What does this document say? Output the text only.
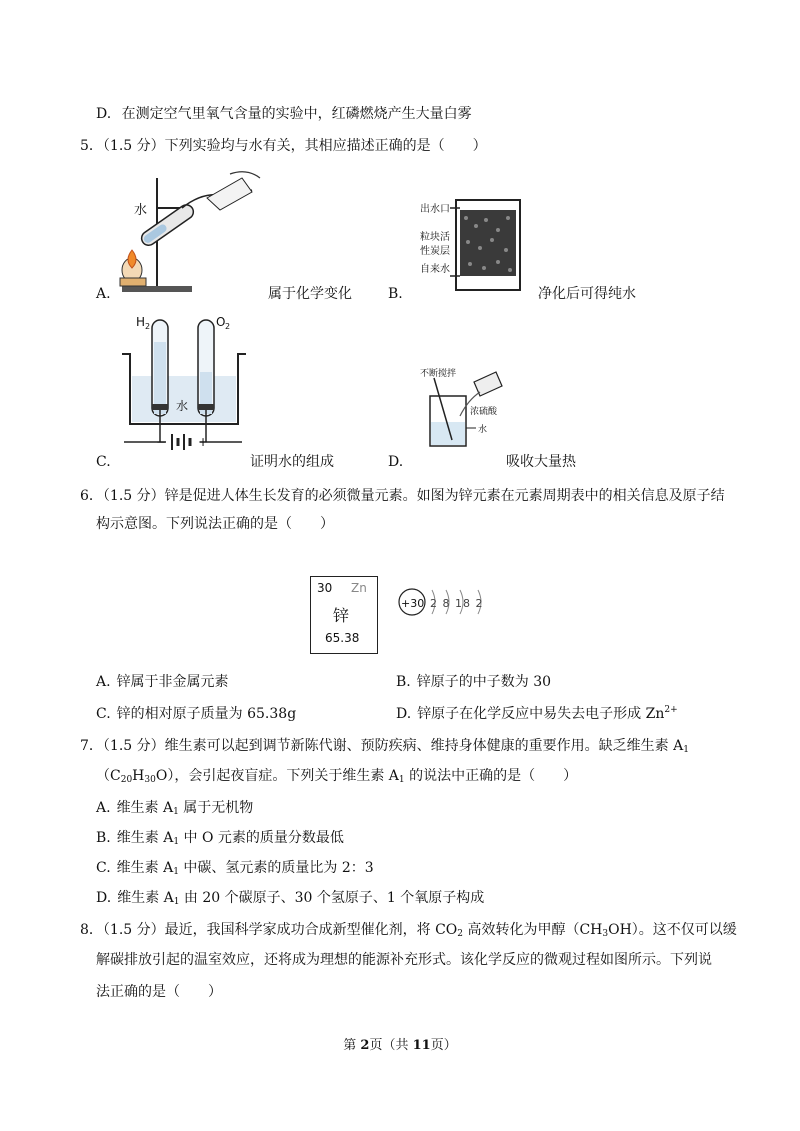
D. 在测定空气里氧气含量的实验中，红磷燃烧产生大量白雾
5．（1.5 分）下列实验均与水有关，其相应描述正确的是（　　）
水
A.	属于化学变化
出水口
粒块活
性炭层
自来水
B.	净化后可得纯水
H 2	O 2
水
−	+
C.	证明水的组成
不断搅拌
浓硫酸
水
D.	吸收大量热
6．（1.5 分）锌是促进人体生长发育的必须微量元素。如图为锌元素在元素周期表中的相关信息及原子结
构示意图。下列说法正确的是（　　）
30 Zn
锌
65.38
+30 2 8 18 2
A. 锌属于非金属元素	B. 锌原子的中子数为 30
C. 锌的相对原子质量为 65.38g	D. 锌原子在化学反应中易失去电子形成 $Zn^{2+}$
7．（1.5 分）维生素可以起到调节新陈代谢、预防疾病、维持身体健康的重要作用。缺乏维生素 $A_1$
$(C_{20}H_{30}O)$，会引起夜盲症。下列关于维生素 $A_1$ 的说法中正确的是（　　）
A. 维生素 $A_1$ 属于无机物
B. 维生素 $A_1$ 中 O 元素的质量分数最低
C. 维生素 $A_1$ 中碳、氢元素的质量比为 2：3
D. 维生素 $A_1$ 由 20 个碳原子、30 个氢原子、1 个氧原子构成
8．（1.5 分）最近，我国科学家成功合成新型催化剂，将 $CO_2$ 高效转化为甲醇$(CH_3OH)$。这不仅可以缓
解碳排放引起的温室效应，还将成为理想的能源补充形式。该化学反应的微观过程如图所示。下列说
法正确的是（　　）
第 2页（共 11页）
